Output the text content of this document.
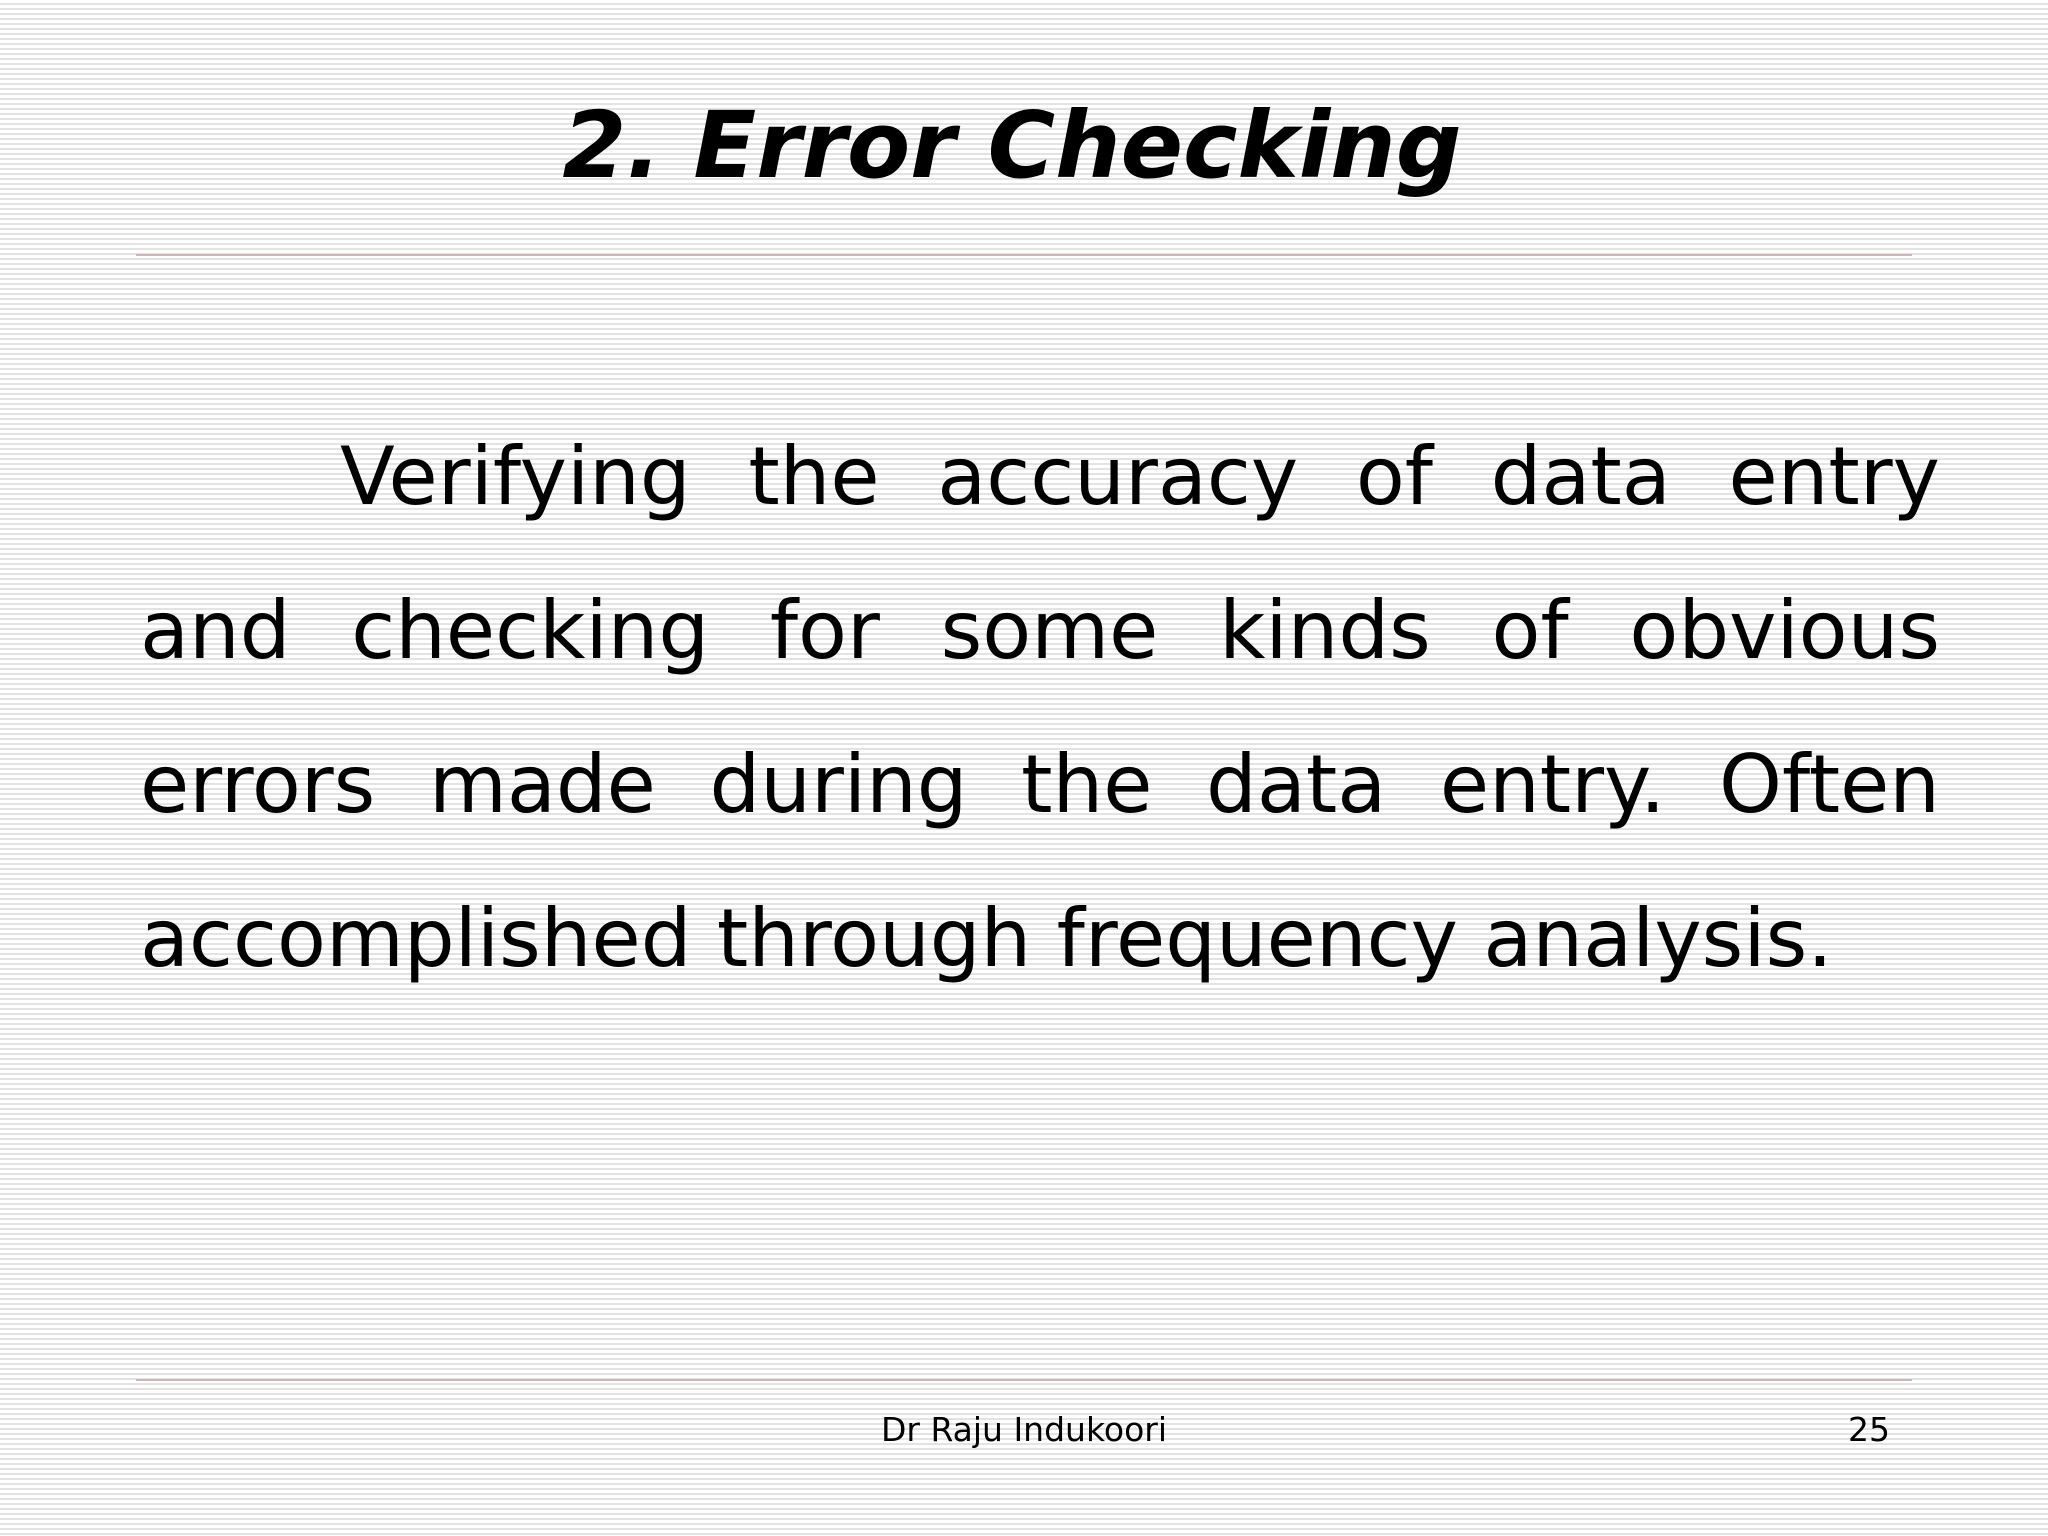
2. Error Checking

Verifying the accuracy of data entry and checking for some kinds of obvious errors made during the data entry. Often accomplished through frequency analysis.

Dr Raju Indukoori	25
